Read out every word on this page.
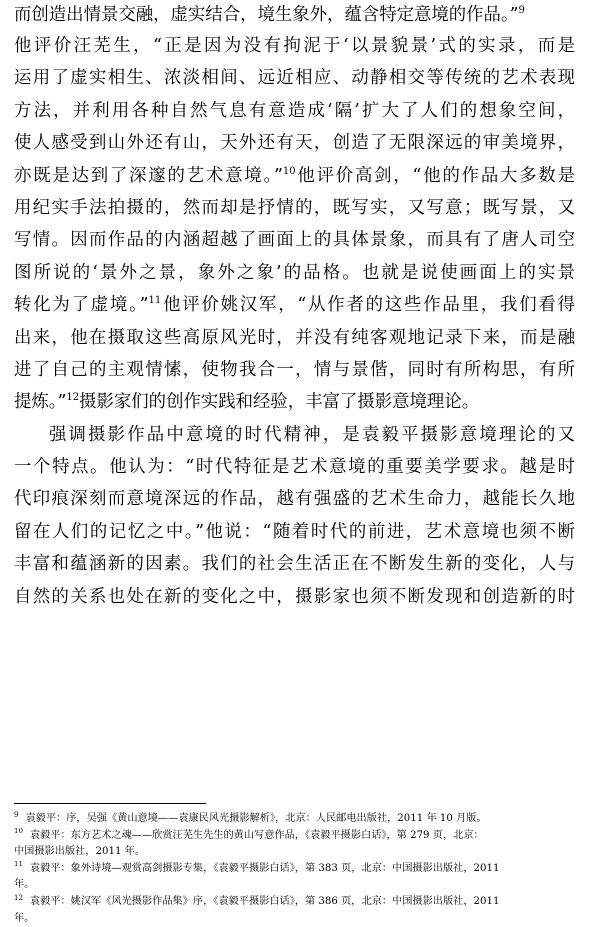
而创造出情景交融，虚实结合，境生象外，蕴含特定意境的作品。”$^9$
他评价汪芜生，“正是因为没有拘泥于‘以景貌景’式的实录，而是
运用了虚实相生、浓淡相间、远近相应、动静相交等传统的艺术表现
方法，并利用各种自然气息有意造成‘隔’扩大了人们的想象空间，
使人感受到山外还有山，天外还有天，创造了无限深远的审美境界，
亦既是达到了深邃的艺术意境。”$^{10}$他评价高剑，“他的作品大多数是
用纪实手法拍摄的，然而却是抒情的，既写实，又写意；既写景，又
写情。因而作品的内涵超越了画面上的具体景象，而具有了唐人司空
图所说的‘景外之景，象外之象’的品格。也就是说使画面上的实景
转化为了虚境。”$^{11}$他评价姚汉军，“从作者的这些作品里，我们看得
出来，他在摄取这些高原风光时，并没有纯客观地记录下来，而是融
进了自己的主观情愫，使物我合一，情与景偕，同时有所构思，有所
提炼。”$^{12}$摄影家们的创作实践和经验，丰富了摄影意境理论。
强调摄影作品中意境的时代精神，是袁毅平摄影意境理论的又
一个特点。他认为：“时代特征是艺术意境的重要美学要求。越是时
代印痕深刻而意境深远的作品，越有强盛的艺术生命力，越能长久地
留在人们的记忆之中。”他说：“随着时代的前进，艺术意境也须不断
丰富和蕴涵新的因素。我们的社会生活正在不断发生新的变化，人与
自然的关系也处在新的变化之中，摄影家也须不断发现和创造新的时
$^9$ 袁毅平：序，吴强《黄山意境——袁康民风光摄影解析》，北京：人民邮电出版社，2011 年 10 月版。
$^{10}$ 袁毅平：东方艺术之魂——欣赏汪芜生先生的黄山写意作品，《袁毅平摄影白话》，第 279 页，北京：
中国摄影出版社，2011 年。
$^{11}$ 袁毅平：象外诗境—观赏高剑摄影专集，《袁毅平摄影白话》，第 383 页，北京：中国摄影出版社，2011
年。
$^{12}$ 袁毅平：姚汉军《风光摄影作品集》序，《袁毅平摄影白话》，第 386 页，北京：中国摄影出版社，2011
年。
